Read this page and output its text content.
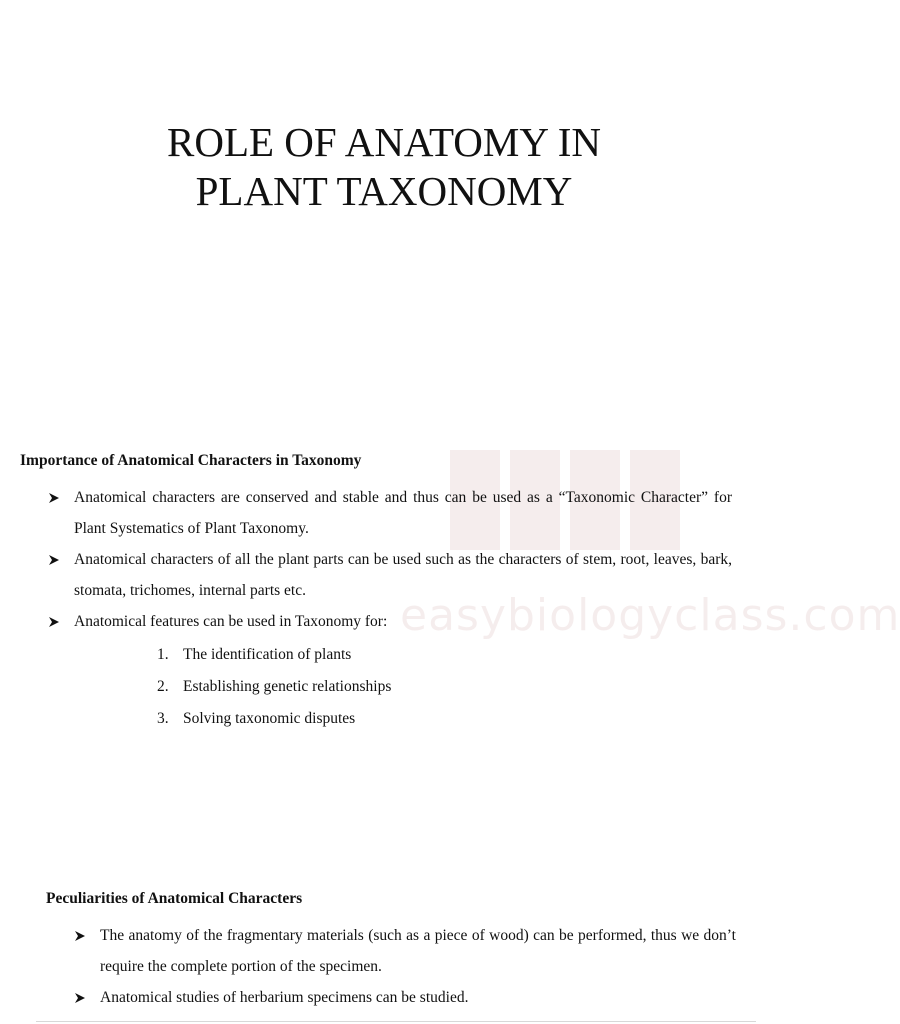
easybiologyclass.com
ROLE OF ANATOMY IN
PLANT TAXONOMY
Importance of Anatomical Characters in Taxonomy
Anatomical characters are conserved and stable and thus can be used as a “Taxonomic Character” for Plant Systematics of Plant Taxonomy.
Anatomical characters of all the plant parts can be used such as the characters of stem, root, leaves, bark, stomata, trichomes, internal parts etc.
Anatomical features can be used in Taxonomy for:
1. The identification of plants
2. Establishing genetic relationships
3. Solving taxonomic disputes
Peculiarities of Anatomical Characters
The anatomy of the fragmentary materials (such as a piece of wood) can be performed, thus we don’t require the complete portion of the specimen.
Anatomical studies of herbarium specimens can be studied.
